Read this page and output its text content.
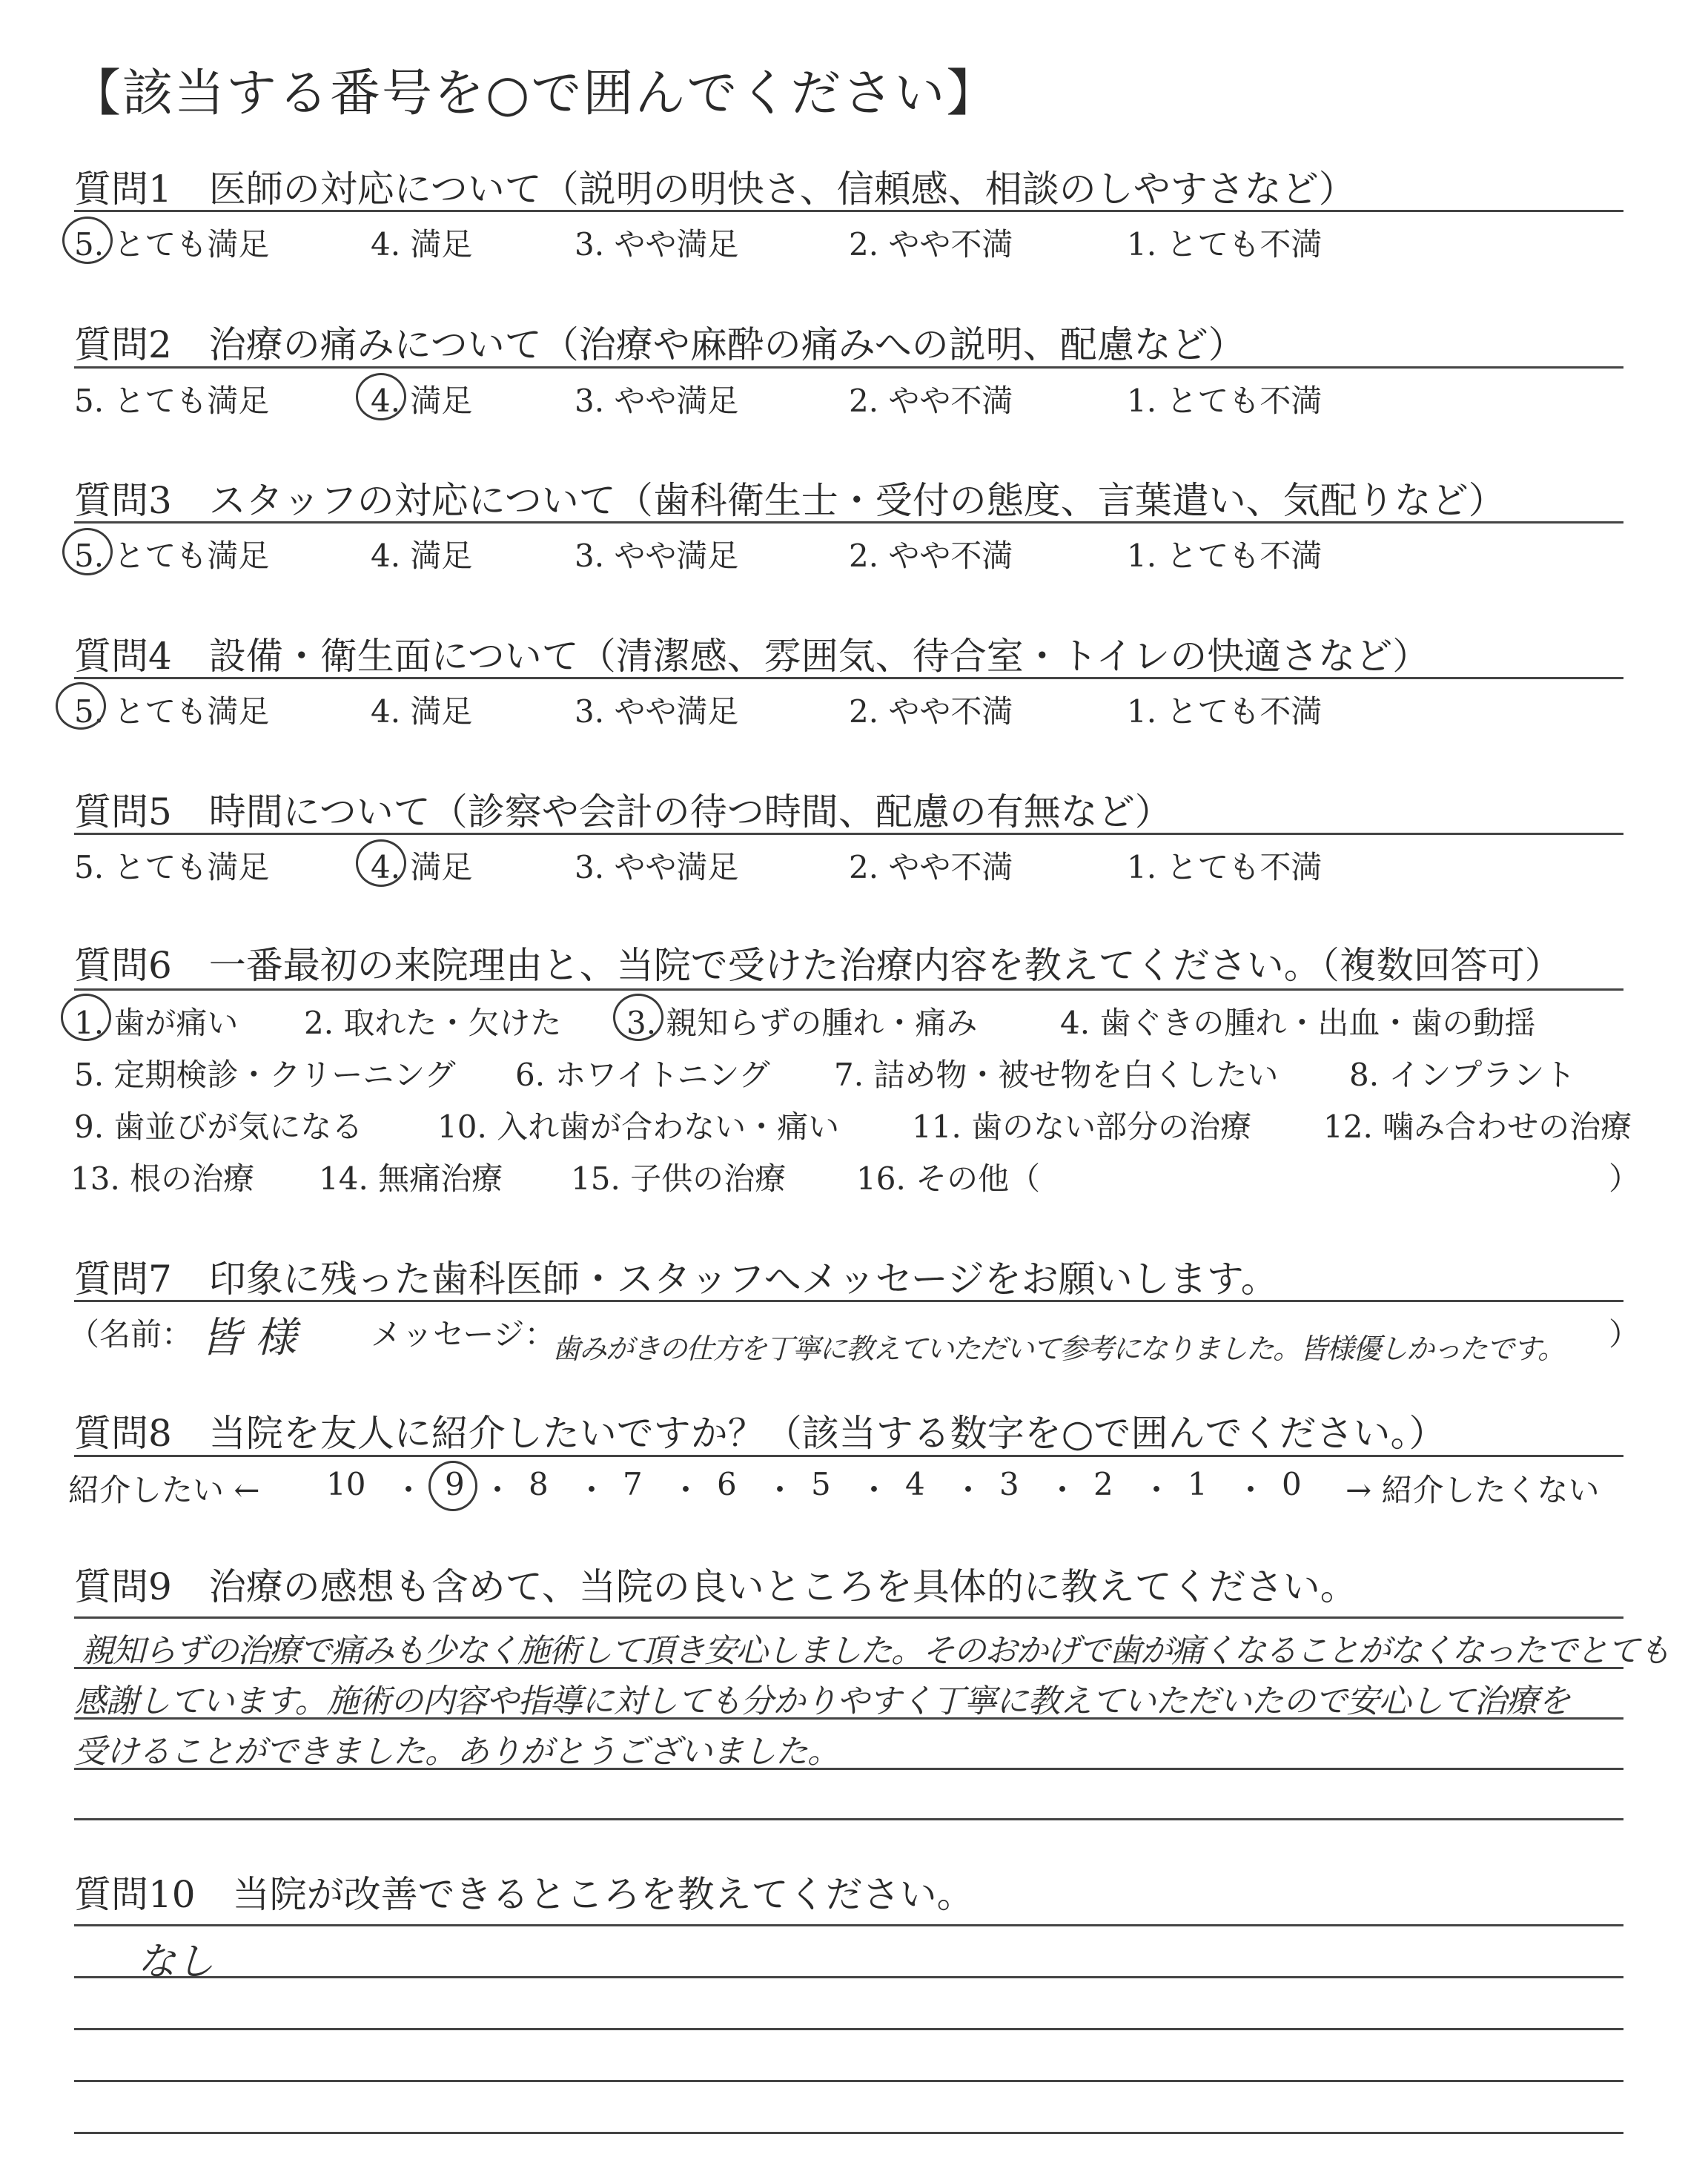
【該当する番号を○で囲んでください】
質問1　医師の対応について（説明の明快さ、信頼感、相談のしやすさなど）
5. とても満足	4. 満足	3. やや満足	2. やや不満	1. とても不満
質問2　治療の痛みについて（治療や麻酔の痛みへの説明、配慮など）
5. とても満足	4. 満足	3. やや満足	2. やや不満	1. とても不満
質問3　スタッフの対応について（歯科衛生士・受付の態度、言葉遣い、気配りなど）
5. とても満足	4. 満足	3. やや満足	2. やや不満	1. とても不満
質問4　設備・衛生面について（清潔感、雰囲気、待合室・トイレの快適さなど）
5. とても満足	4. 満足	3. やや満足	2. やや不満	1. とても不満
質問5　時間について（診察や会計の待つ時間、配慮の有無など）
5. とても満足	4. 満足	3. やや満足	2. やや不満	1. とても不満
質問6　一番最初の来院理由と、当院で受けた治療内容を教えてください。（複数回答可）
1. 歯が痛い 2. 取れた・欠けた 3. 親知らずの腫れ・痛み	4. 歯ぐきの腫れ・出血・歯の動揺
5. 定期検診・クリーニング 6. ホワイトニング 7. 詰め物・被せ物を白くしたい 8. インプラント
9. 歯並びが気になる 10. 入れ歯が合わない・痛い 11. 歯のない部分の治療 12. 噛み合わせの治療
13. 根の治療 14. 無痛治療 15. 子供の治療 16. その他（	）
質問7　印象に残った歯科医師・スタッフへメッセージをお願いします。
（名前： 皆 様 メッセージ：
歯みがきの仕方を丁寧に教えていただいて参考になりました。皆様優しかったです。 ）
質問8　当院を友人に紹介したいですか？（該当する数字を○で囲んでください。）
紹介したい ← 10	9 8 7 6 5 4 3 2 1 0 → 紹介したくない
・ ・ ・ ・ ・ ・ ・ ・ ・ ・
質問9　治療の感想も含めて、当院の良いところを具体的に教えてください。
親知らずの治療で痛みも少なく施術して頂き安心しました。そのおかげで歯が痛くなることがなくなったでとても
感謝しています。施術の内容や指導に対しても分かりやすく丁寧に教えていただいたので安心して治療を
受けることができました。ありがとうございました。
質問10　当院が改善できるところを教えてください。
なし
